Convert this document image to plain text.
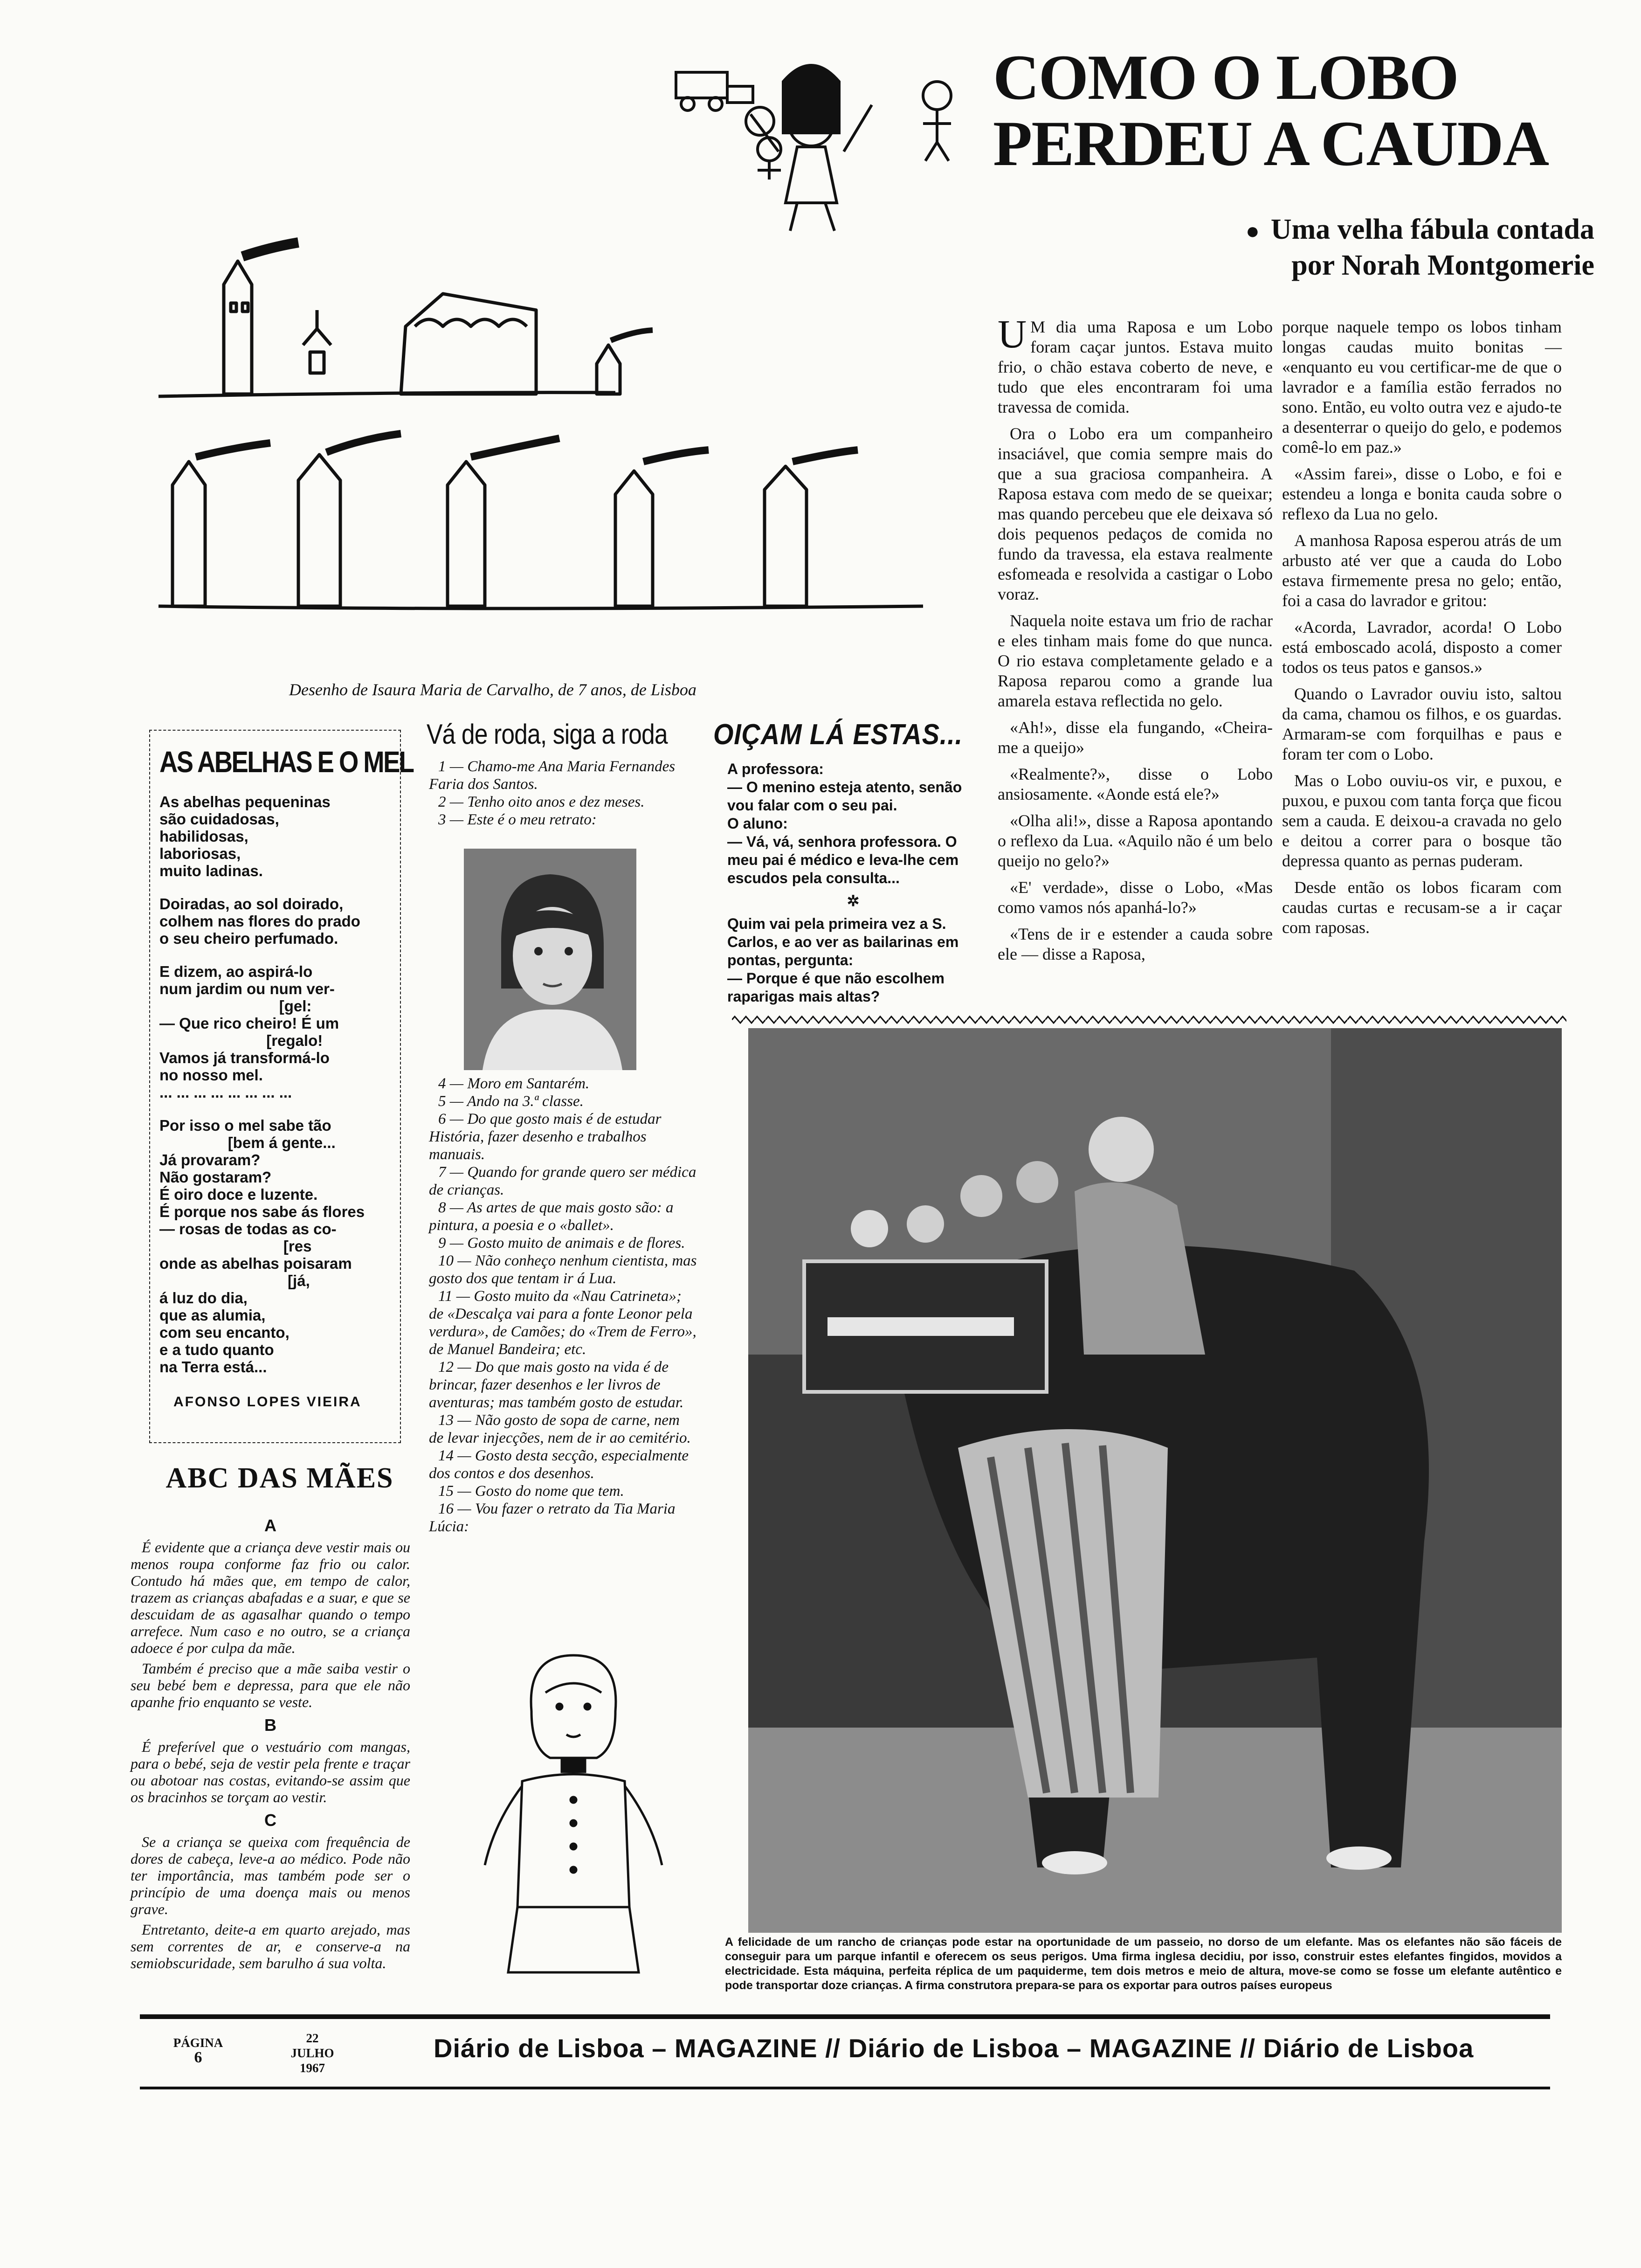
COMO O LOBO
PERDEU A CAUDA
● Uma velha fábula contada
por Norah Montgomerie
Desenho de Isaura Maria de Carvalho, de 7 anos, de Lisboa

U M dia uma Raposa e um Lobo foram caçar juntos. Estava muito frio, o chão estava coberto de neve, e tudo que eles encontraram foi uma travessa de comida.

Ora o Lobo era um companheiro insaciável, que comia sempre mais do que a sua graciosa companheira. A Raposa estava com medo de se queixar; mas quando percebeu que ele deixava só dois pequenos pedaços de comida no fundo da travessa, ela estava realmente esfomeada e resolvida a castigar o Lobo voraz.

Naquela noite estava um frio de rachar e eles tinham mais fome do que nunca. O rio estava completamente gelado e a Raposa reparou como a grande lua amarela estava reflectida no gelo.

«Ah!», disse ela fungando, «Cheira-me a queijo»

«Realmente?», disse o Lobo ansiosamente. «Aonde está ele?»

«Olha ali!», disse a Raposa apontando o reflexo da Lua. «Aquilo não é um belo queijo no gelo?»

«E' verdade», disse o Lobo, «Mas como vamos nós apanhá-lo?»

«Tens de ir e estender a cauda sobre ele — disse a Raposa,

porque naquele tempo os lobos tinham longas caudas muito bonitas — «enquanto eu vou certificar-me de que o lavrador e a família estão ferrados no sono. Então, eu volto outra vez e ajudo-te a desenterrar o queijo do gelo, e podemos comê-lo em paz.»

«Assim farei», disse o Lobo, e foi e estendeu a longa e bonita cauda sobre o reflexo da Lua no gelo.

A manhosa Raposa esperou atrás de um arbusto até ver que a cauda do Lobo estava firmemente presa no gelo; então, foi a casa do lavrador e gritou:

«Acorda, Lavrador, acorda! O Lobo está emboscado acolá, disposto a comer todos os teus patos e gansos.»

Quando o Lavrador ouviu isto, saltou da cama, chamou os filhos, e os guardas. Armaram-se com forquilhas e paus e foram ter com o Lobo.

Mas o Lobo ouviu-os vir, e puxou, e puxou, e puxou com tanta força que ficou sem a cauda. E deixou-a cravada no gelo e deitou a correr para o bosque tão depressa quanto as pernas puderam.

Desde então os lobos ficaram com caudas curtas e recusam-se a ir caçar com raposas.

A felicidade de um rancho de crianças pode estar na oportunidade de um passeio, no dorso de um elefante. Mas os elefantes não são fáceis de conseguir para um parque infantil e oferecem os seus perigos. Uma firma inglesa decidiu, por isso, construir estes elefantes fingidos, movidos a electricidade. Esta máquina, perfeita réplica de um paquiderme, tem dois metros e meio de altura, move-se como se fosse um elefante autêntico e pode transportar doze crianças. A firma construtora prepara-se para os exportar para outros países europeus
AS ABELHAS E O MEL
As abelhas pequeninas
são cuidadosas,
habilidosas,
laboriosas,
muito ladinas.
Doiradas, ao sol doirado,
colhem nas flores do prado
o seu cheiro perfumado.
E dizem, ao aspirá-lo
num jardim ou num ver-
[gel:
— Que rico cheiro! É um
[regalo!
Vamos já transformá-lo
no nosso mel.
... ... ... ... ... ... ... ...
Por isso o mel sabe tão
[bem á gente...
Já provaram?
Não gostaram?
É oiro doce e luzente.
É porque nos sabe ás flores
— rosas de todas as co-
[res
onde as abelhas poisaram
[já,
á luz do dia,
que as alumia,
com seu encanto,
e a tudo quanto
na Terra está...
AFONSO LOPES VIEIRA
ABC DAS MÃES
A

É evidente que a criança deve vestir mais ou menos roupa conforme faz frio ou calor. Contudo há mães que, em tempo de calor, trazem as crianças abafadas e a suar, e que se descuidam de as agasalhar quando o tempo arrefece. Num caso e no outro, se a criança adoece é por culpa da mãe.

Também é preciso que a mãe saiba vestir o seu bebé bem e depressa, para que ele não apanhe frio enquanto se veste.

B

É preferível que o vestuário com mangas, para o bebé, seja de vestir pela frente e traçar ou abotoar nas costas, evitando-se assim que os bracinhos se torçam ao vestir.

C

Se a criança se queixa com frequência de dores de cabeça, leve-a ao médico. Pode não ter importância, mas também pode ser o princípio de uma doença mais ou menos grave.

Entretanto, deite-a em quarto arejado, mas sem correntes de ar, e conserve-a na semiobscuridade, sem barulho á sua volta.

Vá de roda, siga a roda

1 — Chamo-me Ana Maria Fernandes Faria dos Santos.

2 — Tenho oito anos e dez meses.

3 — Este é o meu retrato:

4 — Moro em Santarém.

5 — Ando na 3.ª classe.

6 — Do que gosto mais é de estudar História, fazer desenho e trabalhos manuais.

7 — Quando for grande quero ser médica de crianças.

8 — As artes de que mais gosto são: a pintura, a poesia e o «ballet».

9 — Gosto muito de animais e de flores.

10 — Não conheço nenhum cientista, mas gosto dos que tentam ir á Lua.

11 — Gosto muito da «Nau Catrineta»; de «Descalça vai para a fonte Leonor pela verdura», de Camões; do «Trem de Ferro», de Manuel Bandeira; etc.

12 — Do que mais gosto na vida é de brincar, fazer desenhos e ler livros de aventuras; mas também gosto de estudar.

13 — Não gosto de sopa de carne, nem de levar injecções, nem de ir ao cemitério.

14 — Gosto desta secção, especialmente dos contos e dos desenhos.

15 — Gosto do nome que tem.

16 — Vou fazer o retrato da Tia Maria Lúcia:

OIÇAM LÁ ESTAS...

A professora:

— O menino esteja atento, senão vou falar com o seu pai.

O aluno:

— Vá, vá, senhora professora. O meu pai é médico e leva-lhe cem escudos pela consulta...

✲

Quim vai pela primeira vez a S. Carlos, e ao ver as bailarinas em pontas, pergunta:

— Porque é que não escolhem raparigas mais altas?

PÁGINA
6
22
JULHO
1967
Diário de Lisboa – MAGAZINE // Diário de Lisboa – MAGAZINE // Diário de Lisboa
